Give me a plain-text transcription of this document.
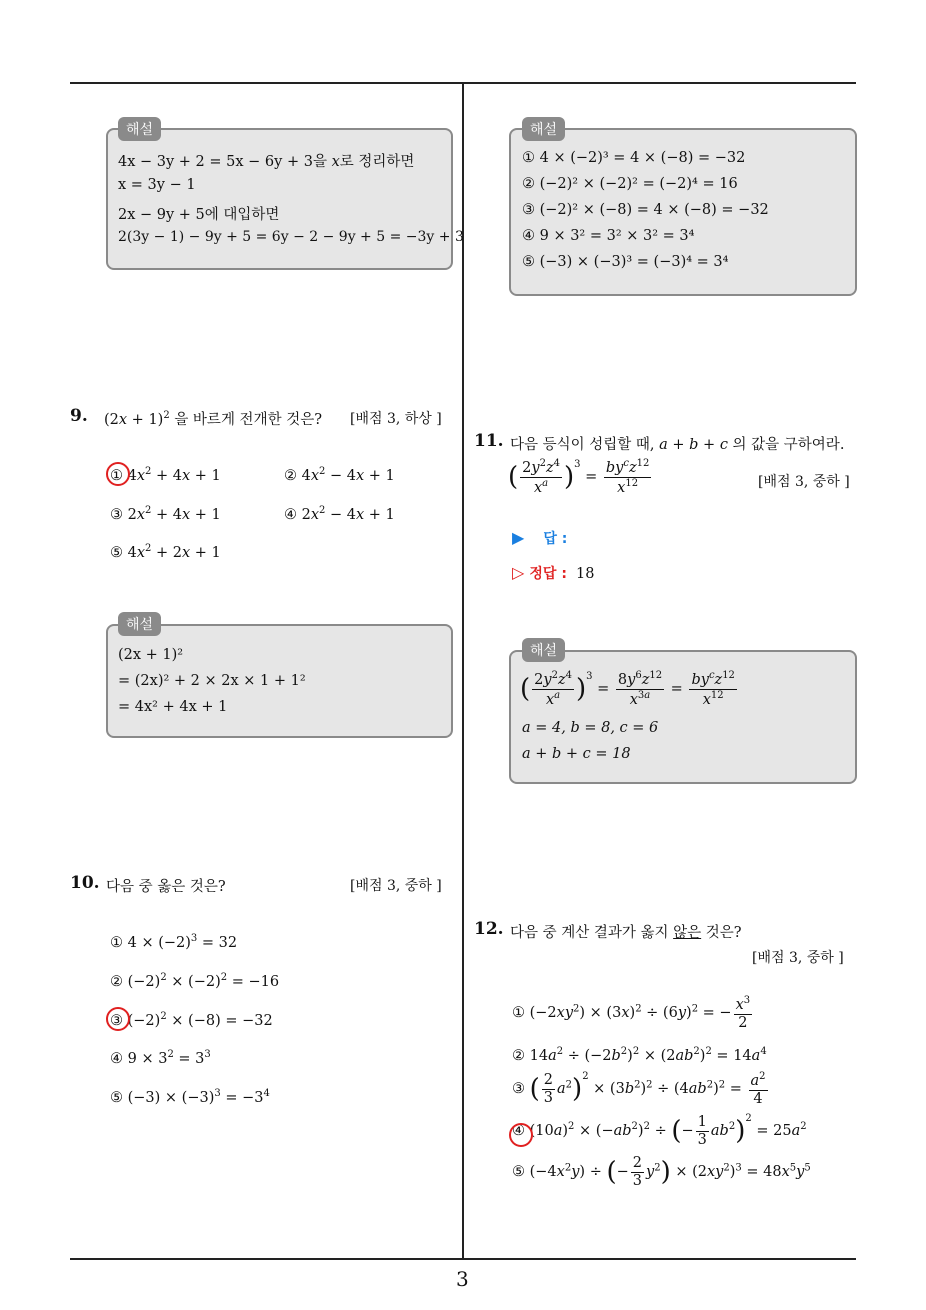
3
해설
4x − 3y + 2 = 5x − 6y + 3을 x로 정리하면
x = 3y − 1
2x − 9y + 5에 대입하면
2(3y − 1) − 9y + 5 = 6y − 2 − 9y + 5 = −3y + 3
9. $(2x + 1)^2$ 을 바르게 전개한 것은? [배점 3, 하상 ]
① $4x^2 + 4x + 1$	② $4x^2 - 4x + 1$
③ $2x^2 + 4x + 1$	④ $2x^2 - 4x + 1$
⑤ $4x^2 + 2x + 1$
해설
(2x + 1)²
= (2x)² + 2 × 2x × 1 + 1²
= 4x² + 4x + 1
10. 다음 중 옳은 것은?	[배점 3, 중하 ]
① $4 \times (-2)^3 = 32$
② $(-2)^2 \times (-2)^2 = -16$
③ $(-2)^2 \times (-8) = -32$
④ $9 \times 3^2 = 3^3$
⑤ $(-3) \times (-3)^3 = -3^4$
해설
① 4 × (−2)³ = 4 × (−8) = −32
② (−2)² × (−2)² = (−2)⁴ = 16
③ (−2)² × (−8) = 4 × (−8) = −32
④ 9 × 3² = 3² × 3² = 3⁴
⑤ (−3) × (−3)³ = (−3)⁴ = 3⁴
11. 다음 등식이 성립할 때, a + b + c 의 값을 구하여라.
( $\frac{2y^2z^4}{x^a} )^3 = \frac{by^cz^{12}}{x^{12}}$	[배점 3, 중하 ]
▶ 답 :
▷ 정답 : 18
해설
( $\frac{2y^2z^4}{x^a} )^3 = \frac{8y^6z^{12}}{x^{3a}} = \frac{by^cz^{12}}{x^{12}}$
a = 4, b = 8, c = 6
a + b + c = 18
12. 다음 중 계산 결과가 옳지 않은 것은?
[배점 3, 중하 ]
① $(-2xy^2) \times (3x)^2 \div (6y)^2$ = − $\frac{x^3}{2}$
② $14a^2 \div (-2b^2)^2 \times (2ab^2)^2 = 14a^4$
③ ( $\frac{2}{3} a^2)^2 \times (3b^2)^2 \div (4ab^2)^2 = \frac{a^2}{4}$
④ $(10a)^2 \times (-ab^2)^2$ ÷ (− $\frac{1}{3} ab^2)^2 = 25a^2$
⑤ $(-4x^2y)$ ÷ (− $\frac{2}{3} y^2) \times (2xy^2)^3 = 48x^5y^5$
